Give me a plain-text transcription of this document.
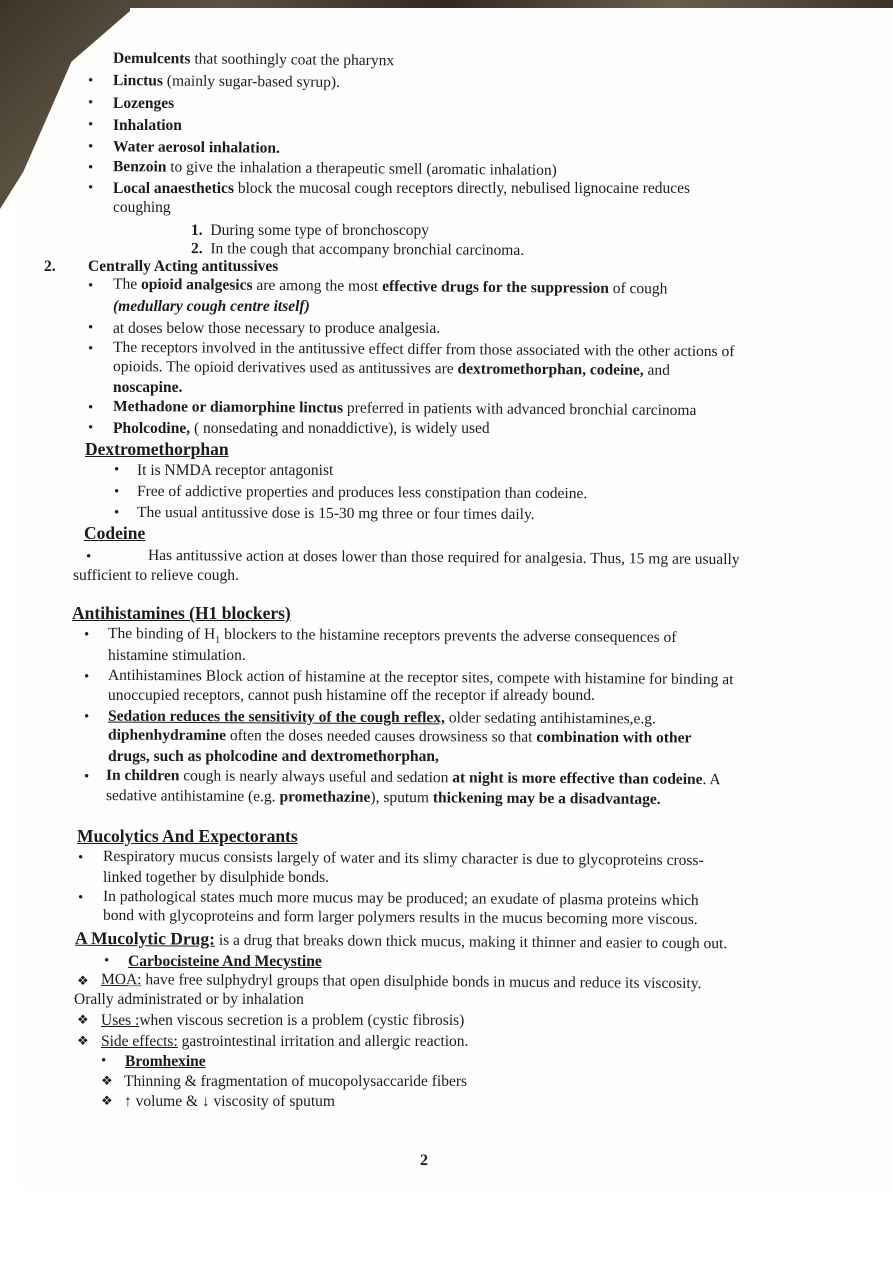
Demulcents that soothingly coat the pharynx
• Linctus (mainly sugar-based syrup).
• Lozenges
• Inhalation
• Water aerosol inhalation.
• Benzoin to give the inhalation a therapeutic smell (aromatic inhalation)
• Local anaesthetics block the mucosal cough receptors directly, nebulised lignocaine reduces
coughing
1. During some type of bronchoscopy
2. In the cough that accompany bronchial carcinoma.
2. Centrally Acting antitussives
• The opioid analgesics are among the most effective drugs for the suppression of cough
(medullary cough centre itself)
• at doses below those necessary to produce analgesia.
• The receptors involved in the antitussive effect differ from those associated with the other actions of
opioids. The opioid derivatives used as antitussives are dextromethorphan, codeine, and
noscapine.
• Methadone or diamorphine linctus preferred in patients with advanced bronchial carcinoma
• Pholcodine, ( nonsedating and nonaddictive), is widely used
Dextromethorphan
• It is NMDA receptor antagonist
• Free of addictive properties and produces less constipation than codeine.
• The usual antitussive dose is 15-30 mg three or four times daily.
Codeine
•	Has antitussive action at doses lower than those required for analgesia. Thus, 15 mg are usually
sufficient to relieve cough.
Antihistamines (H1 blockers)
• The binding of $H_1$ blockers to the histamine receptors prevents the adverse consequences of
histamine stimulation.
• Antihistamines Block action of histamine at the receptor sites, compete with histamine for binding at
unoccupied receptors, cannot push histamine off the receptor if already bound.
• Sedation reduces the sensitivity of the cough reflex, older sedating antihistamines,e.g.
diphenhydramine often the doses needed causes drowsiness so that combination with other
drugs, such as pholcodine and dextromethorphan,
• In children cough is nearly always useful and sedation at night is more effective than codeine. A
sedative antihistamine (e.g. promethazine), sputum thickening may be a disadvantage.
Mucolytics And Expectorants
• Respiratory mucus consists largely of water and its slimy character is due to glycoproteins cross-
linked together by disulphide bonds.
• In pathological states much more mucus may be produced; an exudate of plasma proteins which
bond with glycoproteins and form larger polymers results in the mucus becoming more viscous.
A Mucolytic Drug: is a drug that breaks down thick mucus, making it thinner and easier to cough out.
• Carbocisteine And Mecystine
❖ MOA: have free sulphydryl groups that open disulphide bonds in mucus and reduce its viscosity.
Orally administrated or by inhalation
❖ Uses :when viscous secretion is a problem (cystic fibrosis)
❖ Side effects: gastrointestinal irritation and allergic reaction.
• Bromhexine
❖ Thinning & fragmentation of mucopolysaccaride fibers
❖ ↑ volume & ↓ viscosity of sputum
2
